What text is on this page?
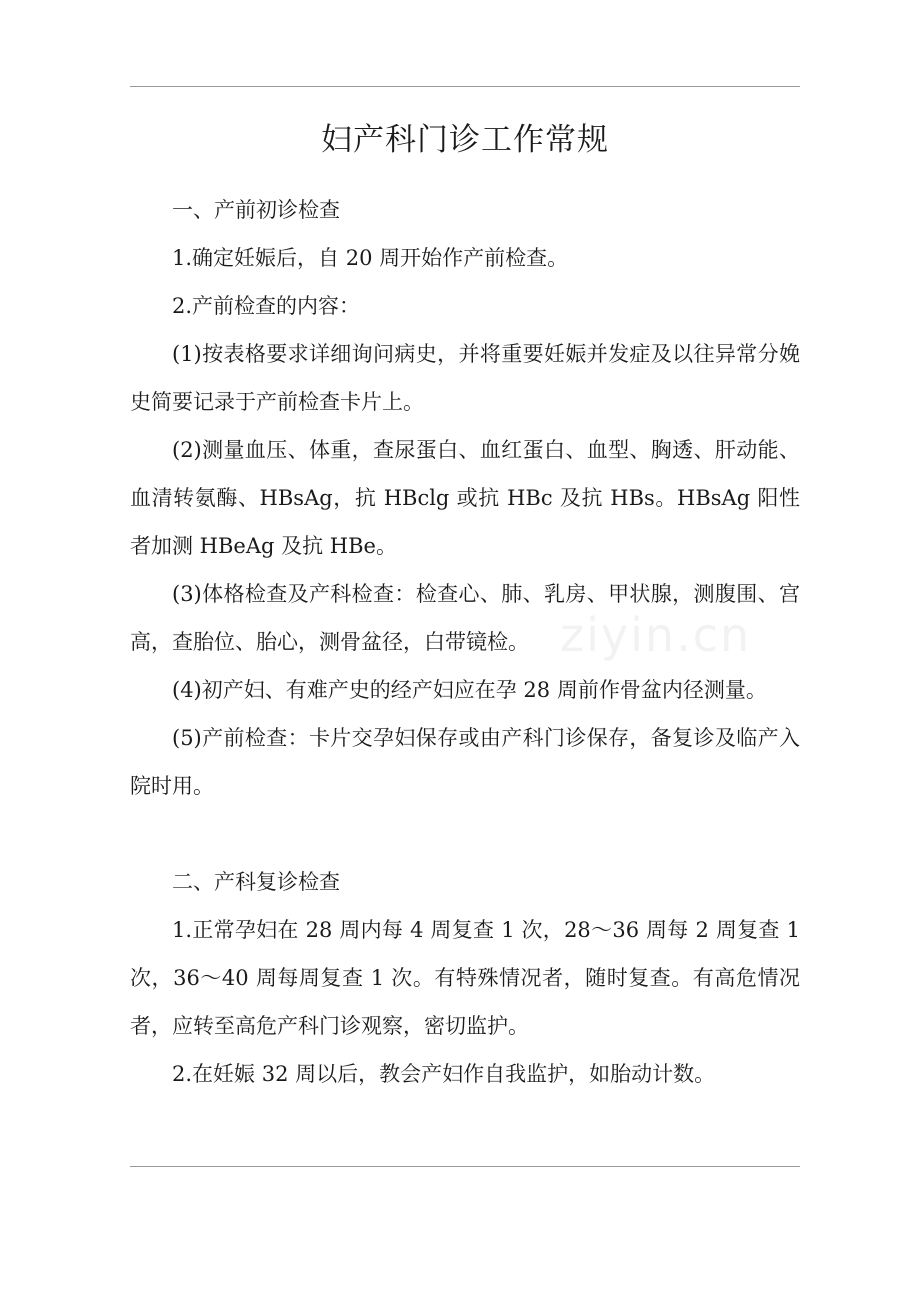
妇产科门诊工作常规

一、产前初诊检查

1.确定妊娠后，自 20 周开始作产前检查。

2.产前检查的内容：

(1)按表格要求详细询问病史，并将重要妊娠并发症及以往异常分娩史简要记录于产前检查卡片上。

(2)测量血压、体重，查尿蛋白、血红蛋白、血型、胸透、肝动能、血清转氨酶、HBsAg，抗 HBclg 或抗 HBc 及抗 HBs。HBsAg 阳性者加测 HBeAg 及抗 HBe。

(3)体格检查及产科检查：检查心、肺、乳房、甲状腺，测腹围、宫高，查胎位、胎心，测骨盆径，白带镜检。

(4)初产妇、有难产史的经产妇应在孕 28 周前作骨盆内径测量。

(5)产前检查：卡片交孕妇保存或由产科门诊保存，备复诊及临产入院时用。

二、产科复诊检查

1.正常孕妇在 28 周内每 4 周复查 1 次，28～36 周每 2 周复查 1 次，36～40 周每周复查 1 次。有特殊情况者，随时复查。有高危情况者，应转至高危产科门诊观察，密切监护。

2.在妊娠 32 周以后，教会产妇作自我监护，如胎动计数。

ziyin.cn
